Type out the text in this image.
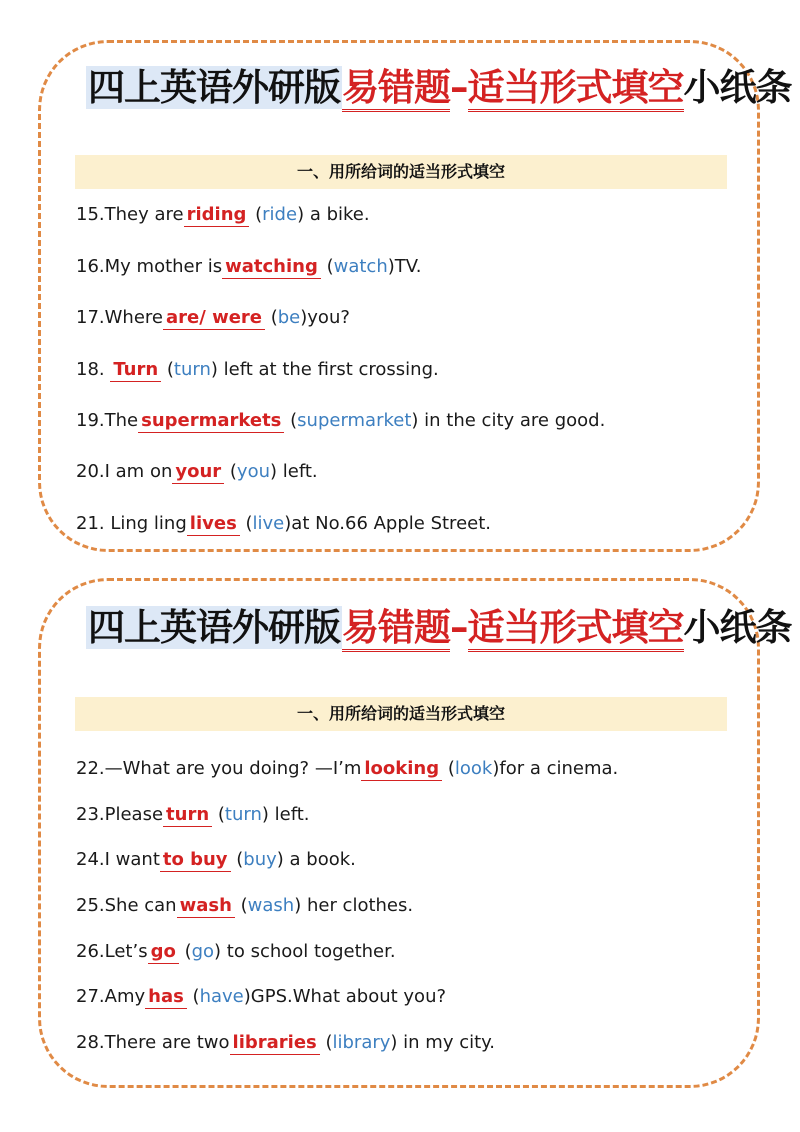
四上英语外研版易错题–适当形式填空小纸条
一、用所给词的适当形式填空
15.They are riding (ride) a bike.
16.My mother is watching (watch)TV.
17.Where are/ were (be)you?
18. Turn (turn) left at the first crossing.
19.The supermarkets (supermarket) in the city are good.
20.I am on your (you) left.
21. Ling ling lives (live)at No.66 Apple Street.
四上英语外研版易错题–适当形式填空小纸条
一、用所给词的适当形式填空
22.—What are you doing? —I’m looking (look)for a cinema.
23.Please turn (turn) left.
24.I want to buy (buy) a book.
25.She can wash (wash) her clothes.
26.Let’s go (go) to school together.
27.Amy has (have)GPS.What about you?
28.There are two libraries (library) in my city.
